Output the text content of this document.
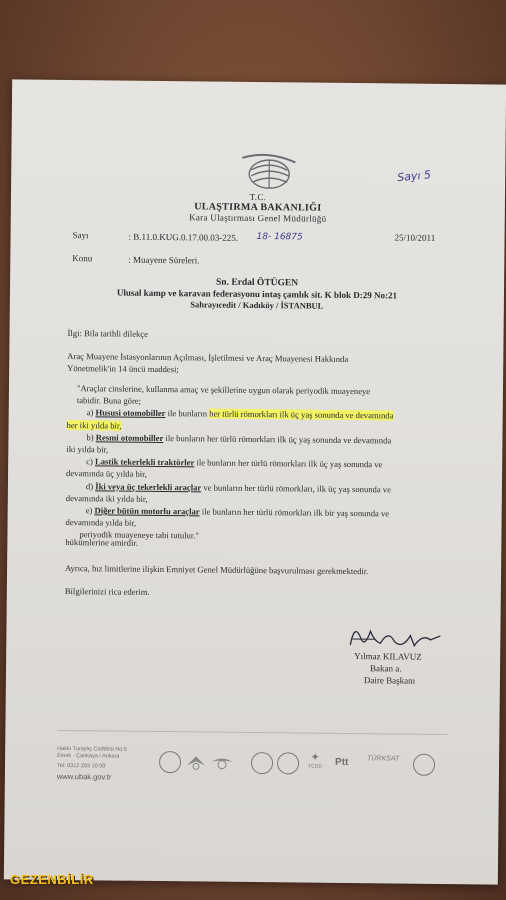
T.C.
ULAŞTIRMA BAKANLIĞI
Kara Ulaştırması Genel Müdürlüğü
Sayı 5
Sayı	: B.11.0.KUG.0.17.00.03-225. 18- 16875	25/10/2011
Konu	: Muayene Süreleri.
Sn. Erdal ÖTÜGEN
Ulusal kamp ve karavan federasyonu intaş çamlık sit. K blok D:29 No:21
Sahrayıcedit / Kadıköy / İSTANBUL
İlgi: Bila tarihli dilekçe
Araç Muayene İstasyonlarının Açılması, İşletilmesi ve Araç Muayenesi Hakkında
Yönetmelik'in 14 üncü maddesi;
"Araçlar cinslerine, kullanma amaç ve şekillerine uygun olarak periyodik muayeneye
tabidir. Buna göre;
a) Hususi otomobiller ile bunların her türlü römorkları ilk üç yaş sonunda ve devamında
her iki yılda bir,
b) Resmi otomobiller ile bunların her türlü römorkları ilk üç yaş sonunda ve devamında
iki yılda bir,
c) Lastik tekerlekli traktörler ile bunların her türlü römorkları ilk üç yaş sonunda ve
devamında üç yılda bir,
d) İki veya üç tekerlekli araçlar ve bunların her türlü römorkları, ilk üç yaş sonunda ve
devamında iki yılda bir,
e) Diğer bütün motorlu araçlar ile bunların her türlü römorkları ilk bir yaş sonunda ve
devamında yılda bir,
periyodik muayeneye tabi tutulur."
hükümlerine amirdir.
Ayrıca, hız limitlerine ilişkin Emniyet Genel Müdürlüğüne başvurulması gerekmektedir.
Bilgilerinizi rica ederim.
Yılmaz KILAVUZ
Bakan a.
Daire Başkanı
Hakkı Turaylıç Caddesi No:5
Emek - Çankaya / Ankara
Tel: 0312 203 10 00
www.ubak.gov.tr
✦
TCDD	Ptt	TÜRKSAT
GEZENBİLİR
